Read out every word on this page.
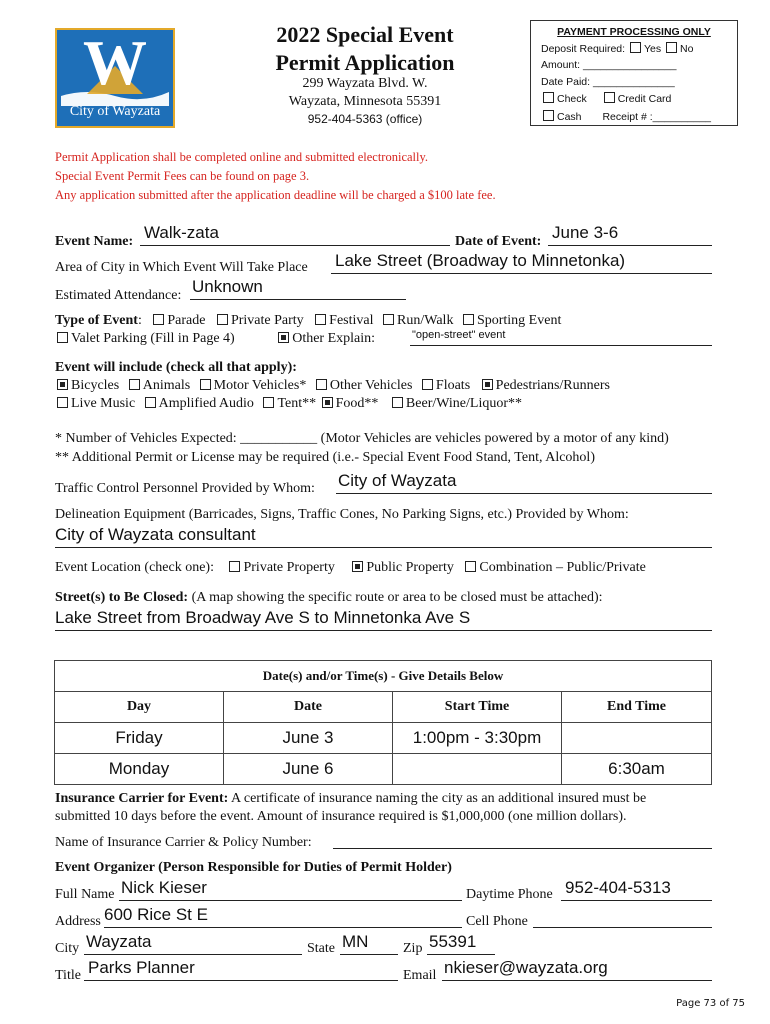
W
City of Wayzata
2022 Special Event
Permit Application
299 Wayzata Blvd. W.
Wayzata, Minnesota 55391
952-404-5363 (office)
PAYMENT PROCESSING ONLY
Deposit Required: Yes No
Amount: ________________
Date Paid: ______________
Check	Credit Card
Cash Receipt # :__________
Permit Application shall be completed online and submitted electronically.
Special Event Permit Fees can be found on page 3.
Any application submitted after the application deadline will be charged a $100 late fee.
Event Name: Walk-zata	Date of Event: June 3-6
Area of City in Which Event Will Take Place Lake Street (Broadway to Minnetonka)
Estimated Attendance: Unknown
Type of Event: Parade Private Party Festival Run/Walk Sporting Event
Valet Parking (Fill in Page 4)	Other Explain:	"open-street" event
Event will include (check all that apply):
Bicycles Animals Motor Vehicles* Other Vehicles Floats Pedestrians/Runners
Live Music Amplified Audio Tent** Food** Beer/Wine/Liquor**
* Number of Vehicles Expected: ___________ (Motor Vehicles are vehicles powered by a motor of any kind)
** Additional Permit or License may be required (i.e.- Special Event Food Stand, Tent, Alcohol)
Traffic Control Personnel Provided by Whom: City of Wayzata
Delineation Equipment (Barricades, Signs, Traffic Cones, No Parking Signs, etc.) Provided by Whom:
City of Wayzata consultant
Event Location (check one): Private Property Public Property Combination – Public/Private
Street(s) to Be Closed: (A map showing the specific route or area to be closed must be attached):
Lake Street from Broadway Ave S to Minnetonka Ave S
Date(s) and/or Time(s) - Give Details Below			
Day	Date	Start Time	End Time
Friday	June 3	1:00pm - 3:30pm	
Monday	June 6		6:30am
Insurance Carrier for Event: A certificate of insurance naming the city as an additional insured must be
submitted 10 days before the event. Amount of insurance required is $1,000,000 (one million dollars).
Name of Insurance Carrier & Policy Number:
Event Organizer (Person Responsible for Duties of Permit Holder)
Full Name Nick Kieser	Daytime Phone 952-404-5313
Address 600 Rice St E	Cell Phone
City Wayzata	State MN Zip 55391
Title Parks Planner	Email nkieser@wayzata.org
Page 73 of 75
